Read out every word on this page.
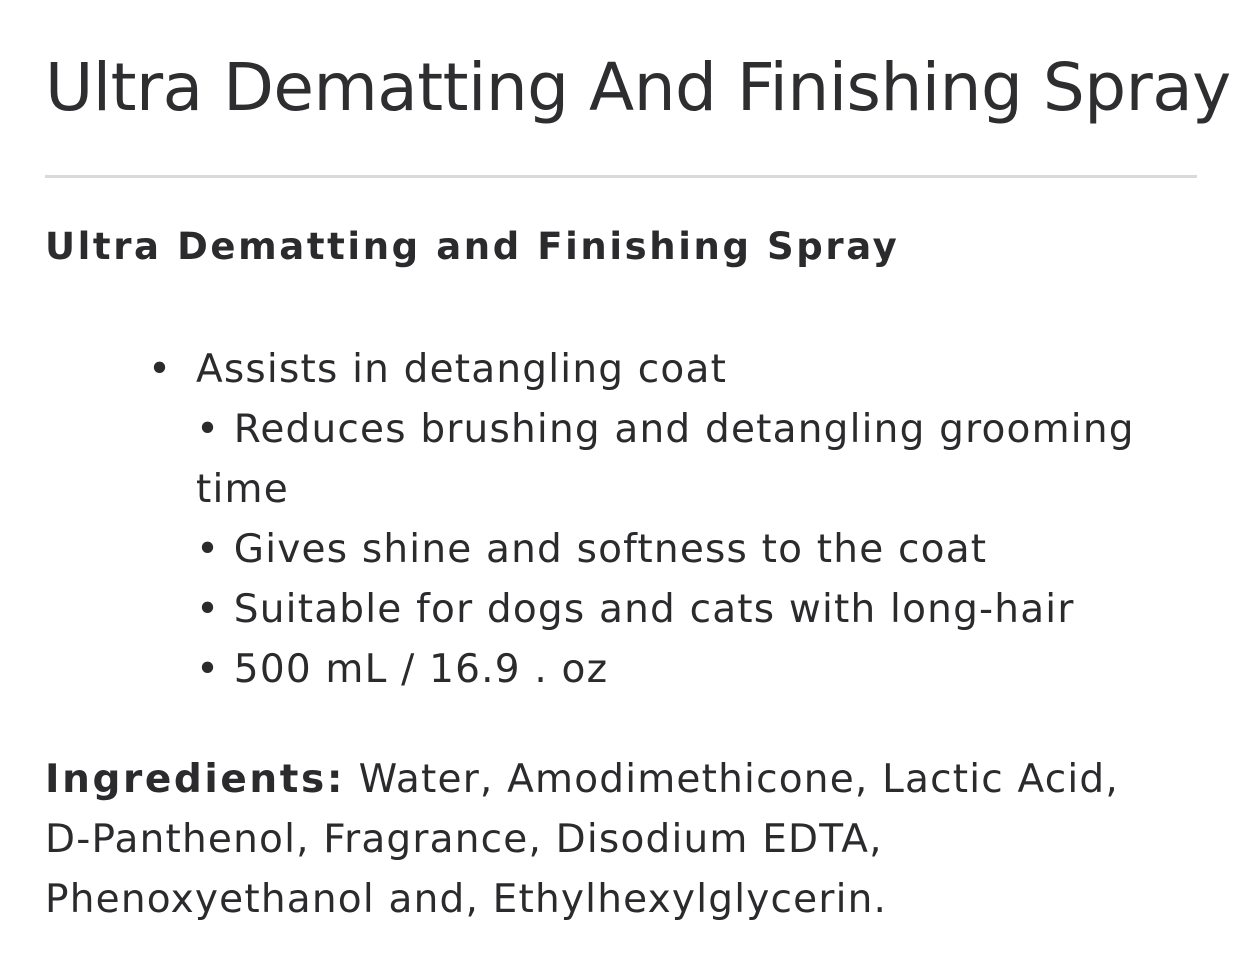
Ultra Dematting And Finishing Spray
Ultra Dematting and Finishing Spray
• Assists in detangling coat
• Reduces brushing and detangling grooming time
• Gives shine and softness to the coat
• Suitable for dogs and cats with long-hair
• 500 mL / 16.9 . oz
Ingredients: Water, Amodimethicone, Lactic Acid, D-Panthenol, Fragrance, Disodium EDTA, Phenoxyethanol and, Ethylhexylglycerin.
